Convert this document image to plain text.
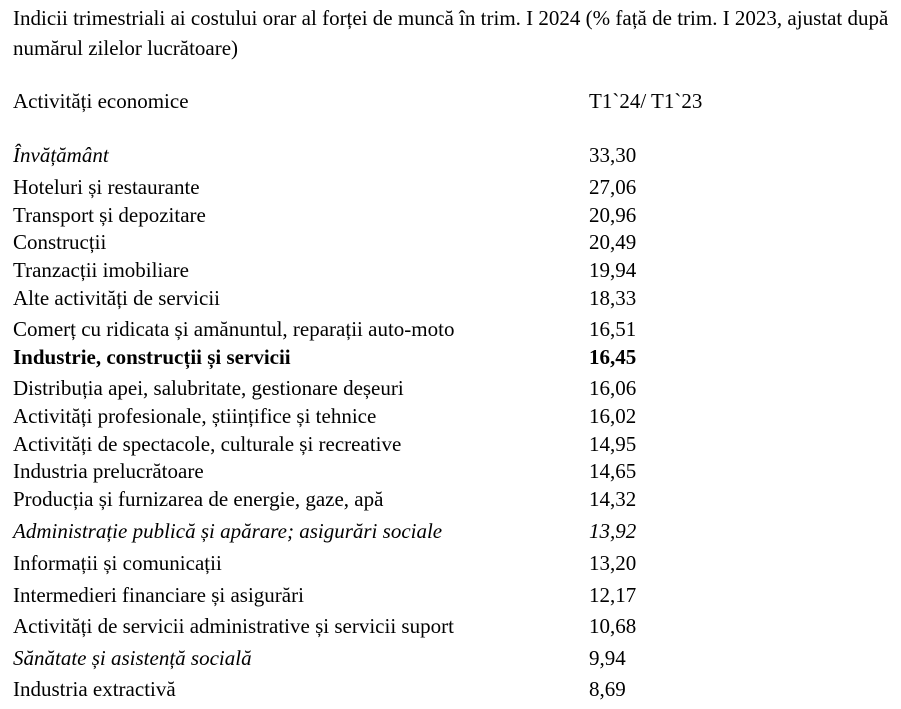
Indicii trimestriali ai costului orar al forței de muncă în trim. I 2024 (% față de trim. I 2023, ajustat după numărul zilelor lucrătoare)
Activități economice	T1`24/ T1`23
Învățământ	33,30
Hoteluri și restaurante	27,06
Transport și depozitare	20,96
Construcții	20,49
Tranzacții imobiliare	19,94
Alte activități de servicii	18,33
Comerț cu ridicata și amănuntul, reparații auto-moto	16,51
Industrie, construcții și servicii	16,45
Distribuția apei, salubritate, gestionare deșeuri	16,06
Activități profesionale, științifice și tehnice	16,02
Activități de spectacole, culturale și recreative	14,95
Industria prelucrătoare	14,65
Producția și furnizarea de energie, gaze, apă	14,32
Administrație publică și apărare; asigurări sociale	13,92
Informații și comunicații	13,20
Intermedieri financiare și asigurări	12,17
Activități de servicii administrative și servicii suport	10,68
Sănătate și asistență socială	9,94
Industria extractivă	8,69
